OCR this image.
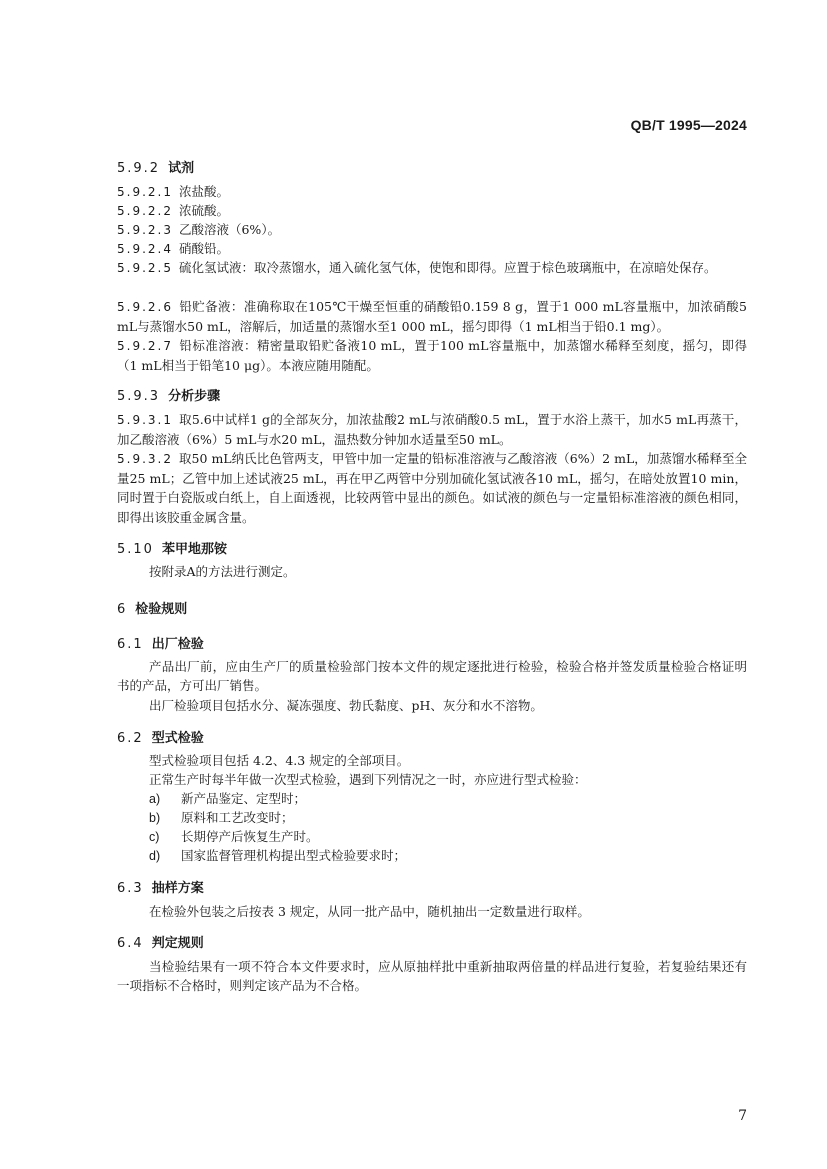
QB/T 1995—2024
5.9.2 试剂
5.9.2.1 浓盐酸。
5.9.2.2 浓硫酸。
5.9.2.3 乙酸溶液（6%）。
5.9.2.4 硝酸铅。
5.9.2.5 硫化氢试液：取冷蒸馏水，通入硫化氢气体，使饱和即得。应置于棕色玻璃瓶中，在凉暗处保存。
5.9.2.6 铅贮备液：准确称取在105℃干燥至恒重的硝酸铅0.159 8 g，置于1 000 mL容量瓶中，加浓硝酸5 mL与蒸馏水50 mL，溶解后，加适量的蒸馏水至1 000 mL，摇匀即得（1 mL相当于铅0.1 mg）。
5.9.2.7 铅标准溶液：精密量取铅贮备液10 mL，置于100 mL容量瓶中，加蒸馏水稀释至刻度，摇匀，即得（1 mL相当于铅笔10 μg）。本液应随用随配。
5.9.3 分析步骤
5.9.3.1 取5.6中试样1 g的全部灰分，加浓盐酸2 mL与浓硝酸0.5 mL，置于水浴上蒸干，加水5 mL再蒸干，加乙酸溶液（6%）5 mL与水20 mL，温热数分钟加水适量至50 mL。
5.9.3.2 取50 mL纳氏比色管两支，甲管中加一定量的铅标准溶液与乙酸溶液（6%）2 mL，加蒸馏水稀释至全量25 mL；乙管中加上述试液25 mL，再在甲乙两管中分别加硫化氢试液各10 mL，摇匀，在暗处放置10 min，同时置于白瓷版或白纸上，自上面透视，比较两管中显出的颜色。如试液的颜色与一定量铅标准溶液的颜色相同，即得出该胶重金属含量。
5.10 苯甲地那铵
按附录A的方法进行测定。
6 检验规则
6.1 出厂检验
产品出厂前，应由生产厂的质量检验部门按本文件的规定逐批进行检验，检验合格并签发质量检验合格证明书的产品，方可出厂销售。
出厂检验项目包括水分、凝冻强度、勃氏黏度、pH、灰分和水不溶物。
6.2 型式检验
型式检验项目包括 4.2、4.3 规定的全部项目。
正常生产时每半年做一次型式检验，遇到下列情况之一时，亦应进行型式检验：
a) 新产品鉴定、定型时；
b) 原料和工艺改变时；
c) 长期停产后恢复生产时。
d) 国家监督管理机构提出型式检验要求时；
6.3 抽样方案
在检验外包装之后按表 3 规定，从同一批产品中，随机抽出一定数量进行取样。
6.4 判定规则
当检验结果有一项不符合本文件要求时，应从原抽样批中重新抽取两倍量的样品进行复验，若复验结果还有一项指标不合格时，则判定该产品为不合格。
7
